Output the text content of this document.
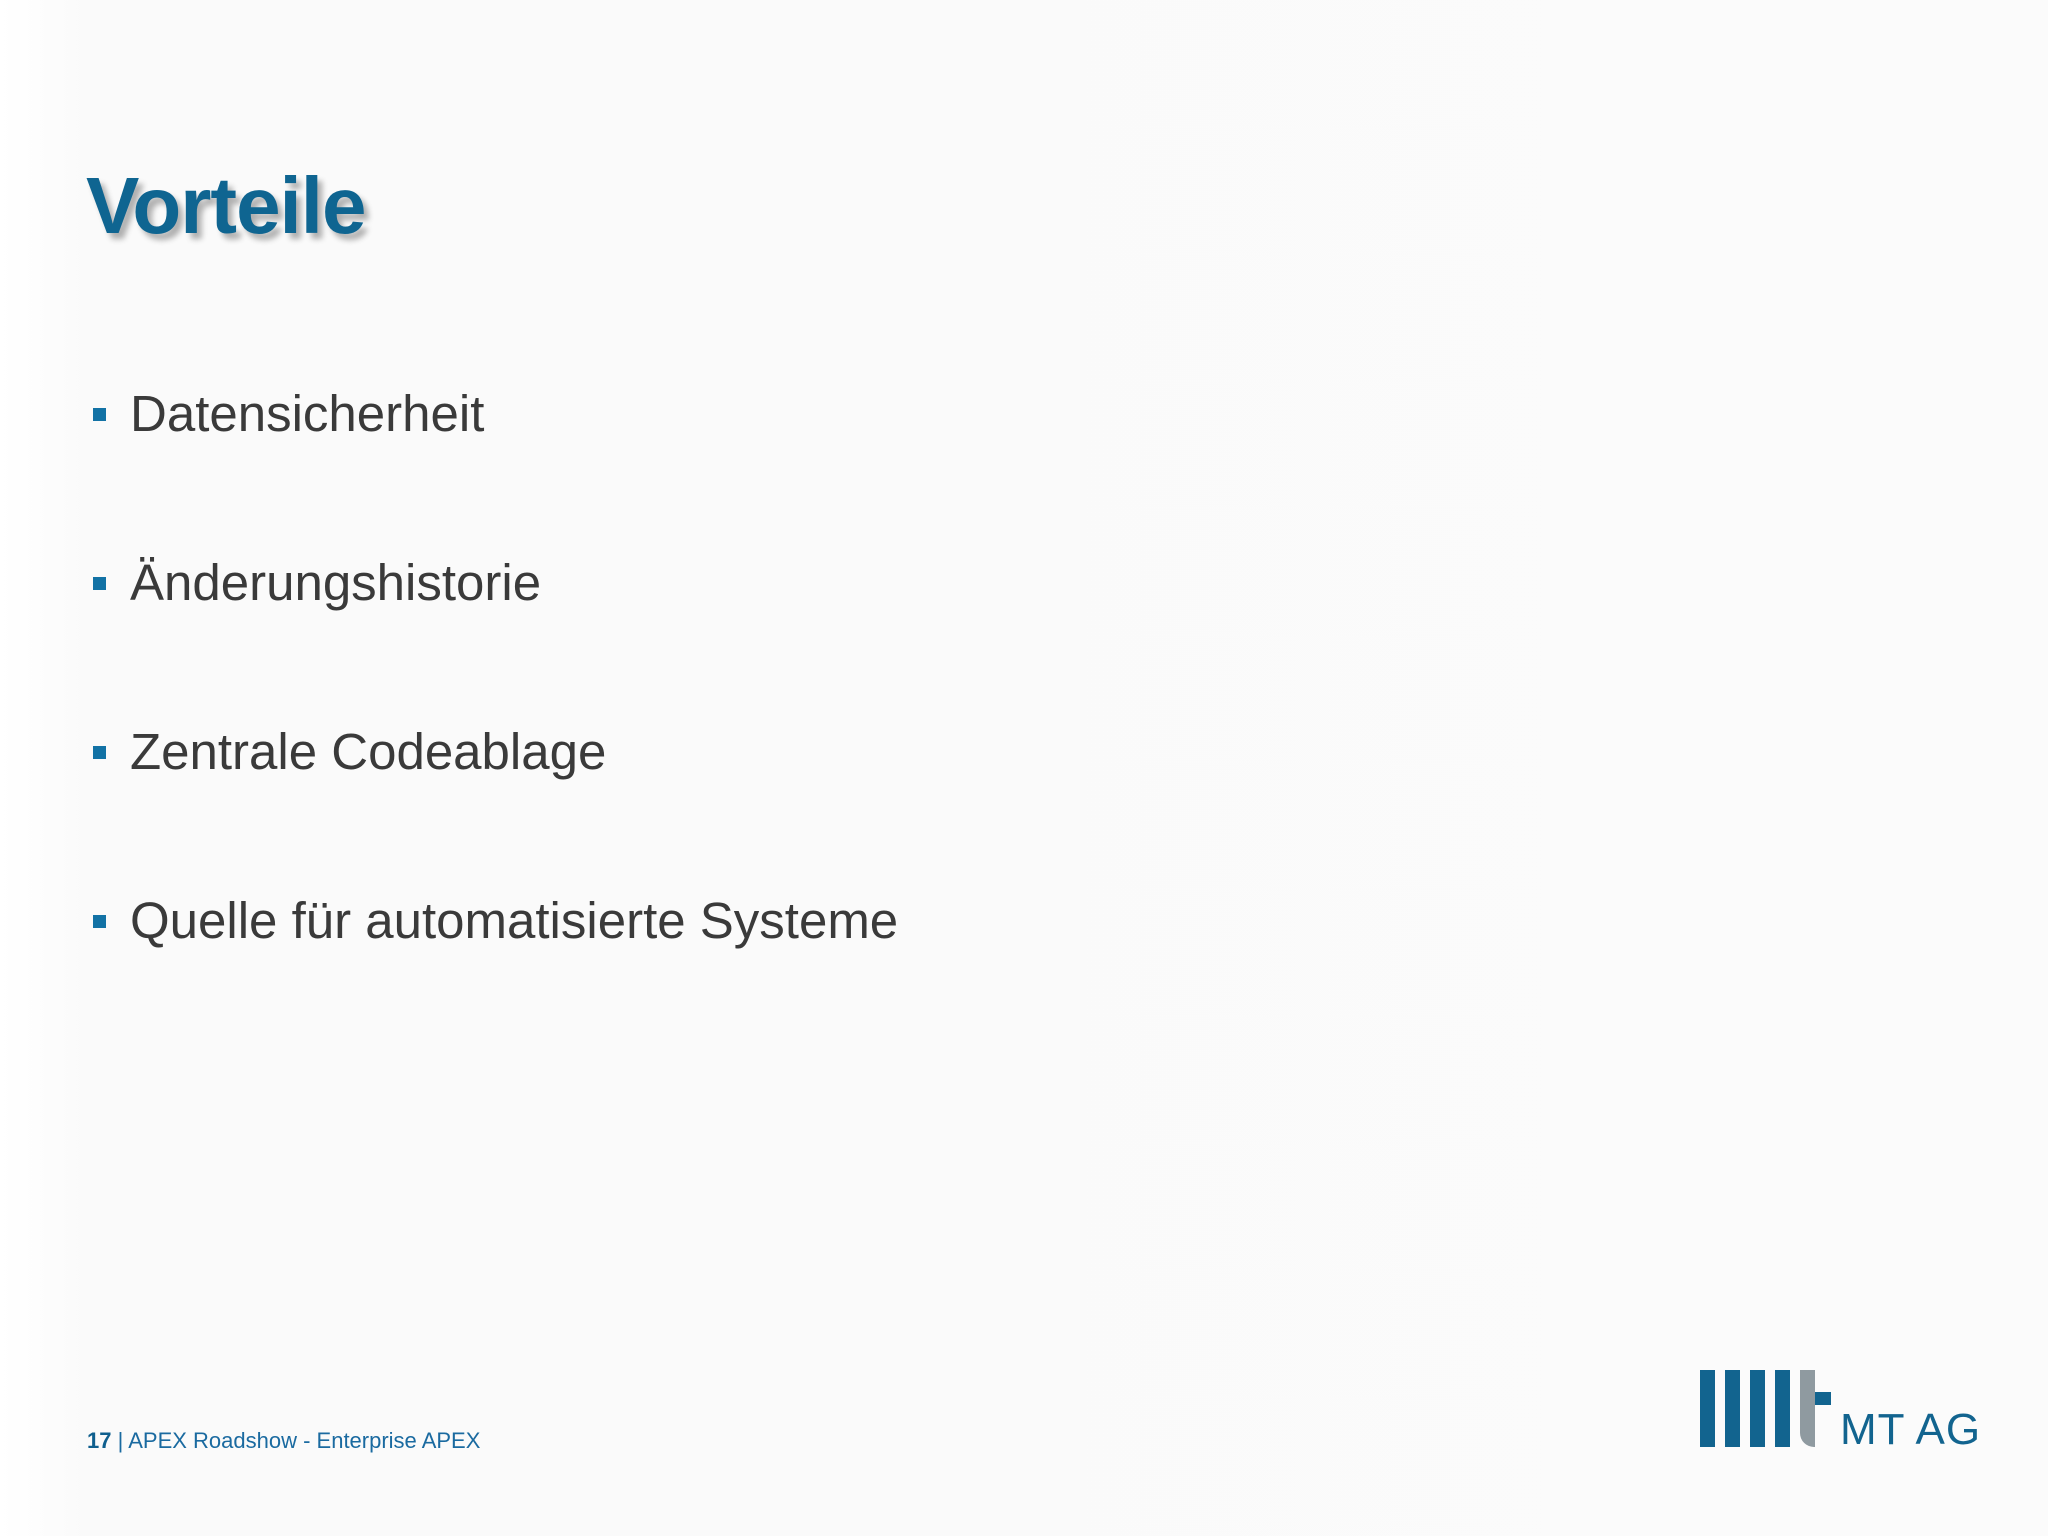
Vorteile
Datensicherheit
Änderungshistorie
Zentrale Codeablage
Quelle für automatisierte Systeme
17 | APEX Roadshow - Enterprise APEX	MT AG
